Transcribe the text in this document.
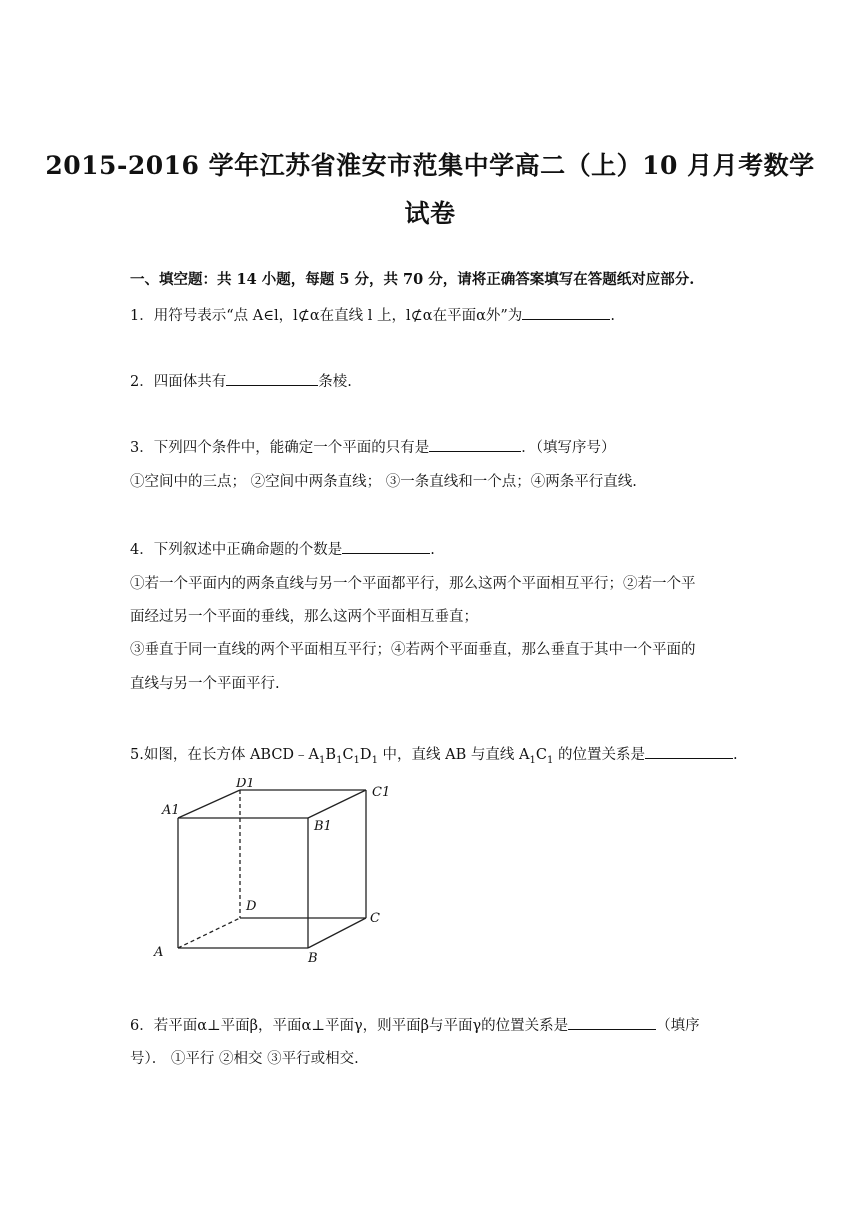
2015-2016 学年江苏省淮安市范集中学高二（上）10 月月考数学
试卷
一、填空题：共 14 小题，每题 5 分，共 70 分，请将正确答案填写在答题纸对应部分.
1．用符号表示“点 A∈l，l⊄α在直线 l 上，l⊄α在平面α外”为	.
2．四面体共有	条棱.
3．下列四个条件中，能确定一个平面的只有是	．（填写序号）
①空间中的三点； ②空间中两条直线； ③一条直线和一个点；④两条平行直线.
4．下列叙述中正确命题的个数是	.
①若一个平面内的两条直线与另一个平面都平行，那么这两个平面相互平行；②若一个平
面经过另一个平面的垂线，那么这两个平面相互垂直；
③垂直于同一直线的两个平面相互平行；④若两个平面垂直，那么垂直于其中一个平面的
直线与另一个平面平行.
5.如图，在长方体 $ABCD﹣A_1B_1C_1D_1$ 中，直线 AB 与直线 $A_1C_1$ 的位置关系是	.
A1
D1
C1
B1
D
C
A	B
6．若平面α⊥平面β，平面α⊥平面γ，则平面β与平面γ的位置关系是	（填序
号）． ①平行 ②相交 ③平行或相交.
